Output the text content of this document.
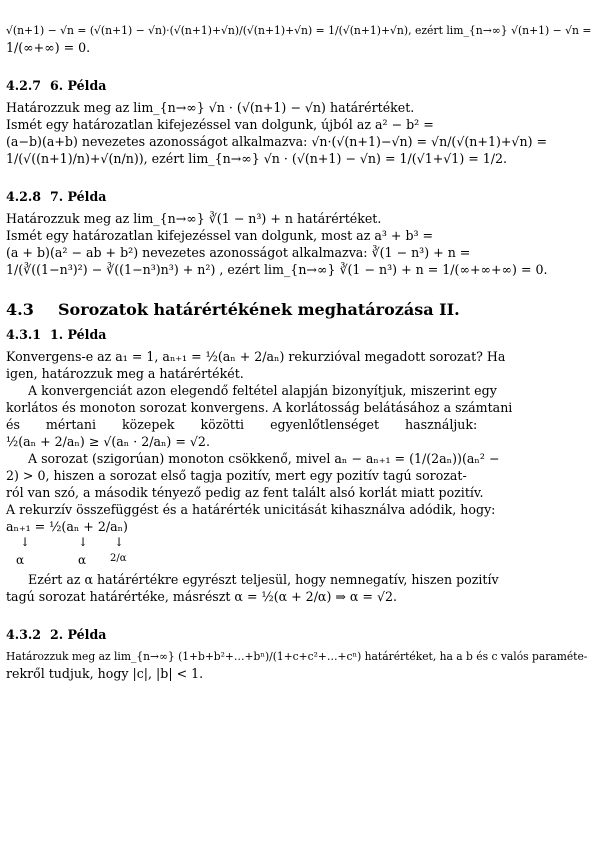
√(n+1) − √n = (√(n+1) − √n)·(√(n+1)+√n)/(√(n+1)+√n) = 1/(√(n+1)+√n), ezért lim_{n→∞} √(n+1) − √n =
1/(∞+∞) = 0.
4.2.7 6. Példa
Határozzuk meg az lim_{n→∞} √n · (√(n+1) − √n) határértéket.
Ismét egy határozatlan kifejezéssel van dolgunk, újból az a² − b² =
(a−b)(a+b) nevezetes azonosságot alkalmazva: √n·(√(n+1)−√n) = √n/(√(n+1)+√n) =
1/(√((n+1)/n)+√(n/n)), ezért lim_{n→∞} √n · (√(n+1) − √n) = 1/(√1+√1) = 1/2.
4.2.8 7. Példa
Határozzuk meg az lim_{n→∞} ∛(1 − n³) + n határértéket.
Ismét egy határozatlan kifejezéssel van dolgunk, most az a³ + b³ =
(a + b)(a² − ab + b²) nevezetes azonosságot alkalmazva: ∛(1 − n³) + n =
1/(∛((1−n³)²) − ∛((1−n³)n³) + n²) , ezért lim_{n→∞} ∛(1 − n³) + n = 1/(∞+∞+∞) = 0.
4.3 Sorozatok határértékének meghatározása II.
4.3.1 1. Példa
Konvergens-e az a₁ = 1, aₙ₊₁ = ½(aₙ + 2/aₙ) rekurzióval megadott sorozat? Ha
igen, határozzuk meg a határértékét.
A konvergenciát azon elegendő feltétel alapján bizonyítjuk, miszerint egy
korlátos és monoton sorozat konvergens. A korlátosság belátásához a számtani
és mértani közepek közötti egyenlőtlenséget használjuk:
½(aₙ + 2/aₙ) ≥ √(aₙ · 2/aₙ) = √2.
A sorozat (szigorúan) monoton csökkenő, mivel aₙ − aₙ₊₁ = (1/(2aₙ))(aₙ² −
2) > 0, hiszen a sorozat első tagja pozitív, mert egy pozitív tagú sorozat-
ról van szó, a második tényező pedig az fent talált alsó korlát miatt pozitív.
A rekurzív összefüggést és a határérték unicitását kihasználva adódik, hogy:
aₙ₊₁ = ½(aₙ + 2/aₙ)
↓	↓ ↓
α	α 2/α
Ezért az α határértékre egyrészt teljesül, hogy nemnegatív, hiszen pozitív
tagú sorozat határértéke, másrészt α = ½(α + 2/α) ⇒ α = √2.
4.3.2 2. Példa
Határozzuk meg az lim_{n→∞} (1+b+b²+…+bⁿ)/(1+c+c²+…+cⁿ) határértéket, ha a b és c valós paraméte-
rekről tudjuk, hogy |c|, |b| < 1.
